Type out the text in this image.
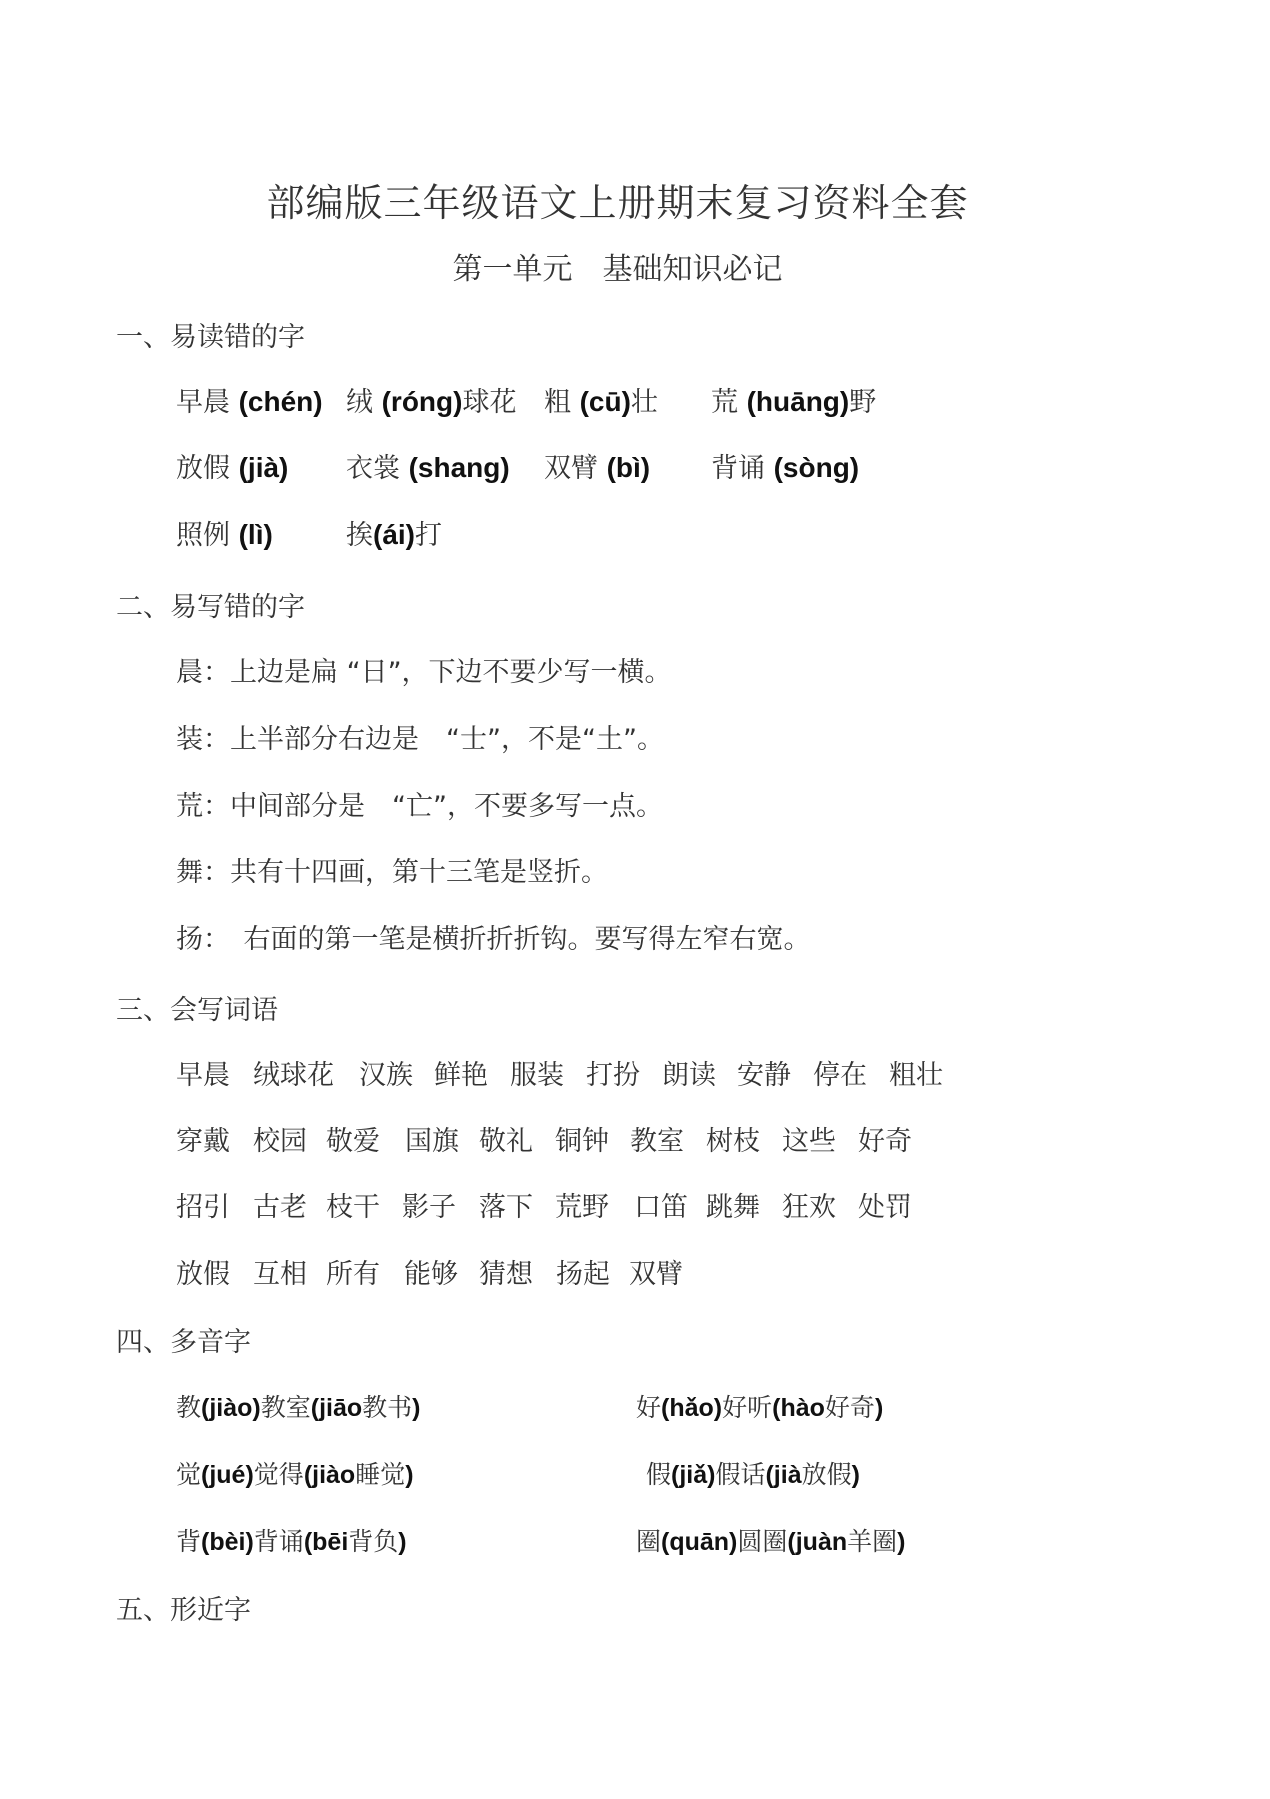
部编版三年级语文上册期末复习资料全套
第一单元　基础知识必记
一、易读错的字
早晨 (chén) 绒 (róng)球花 粗 (cū)壮 荒 (huāng)野
放假 (jià) 衣裳 (shang) 双臂 (bì) 背诵 (sòng)
照例 (lì)	挨(ái)打
二、易写错的字
晨：上边是扁 “日”，下边不要少写一横。
装：上半部分右边是　“士”，不是“土”。
荒：中间部分是　“亡”，不要多写一点。
舞：共有十四画，第十三笔是竖折。
扬：　右面的第一笔是横折折折钩。要写得左窄右宽。
三、会写词语
早晨 绒球花 汉族 鲜艳 服装 打扮 朗读 安静 停在 粗壮
穿戴 校园 敬爱 国旗 敬礼 铜钟 教室 树枝 这些 好奇
招引 古老 枝干 影子 落下 荒野 口笛 跳舞 狂欢 处罚
放假 互相 所有 能够 猜想 扬起 双臂
四、多音字
教(jiào)教室(jiāo教书)	好(hǎo)好听(hào好奇)
觉(jué)觉得(jiào睡觉)	假(jiǎ)假话(jià放假)
背(bèi)背诵(bēi背负)	圈(quān)圆圈(juàn羊圈)
五、形近字
